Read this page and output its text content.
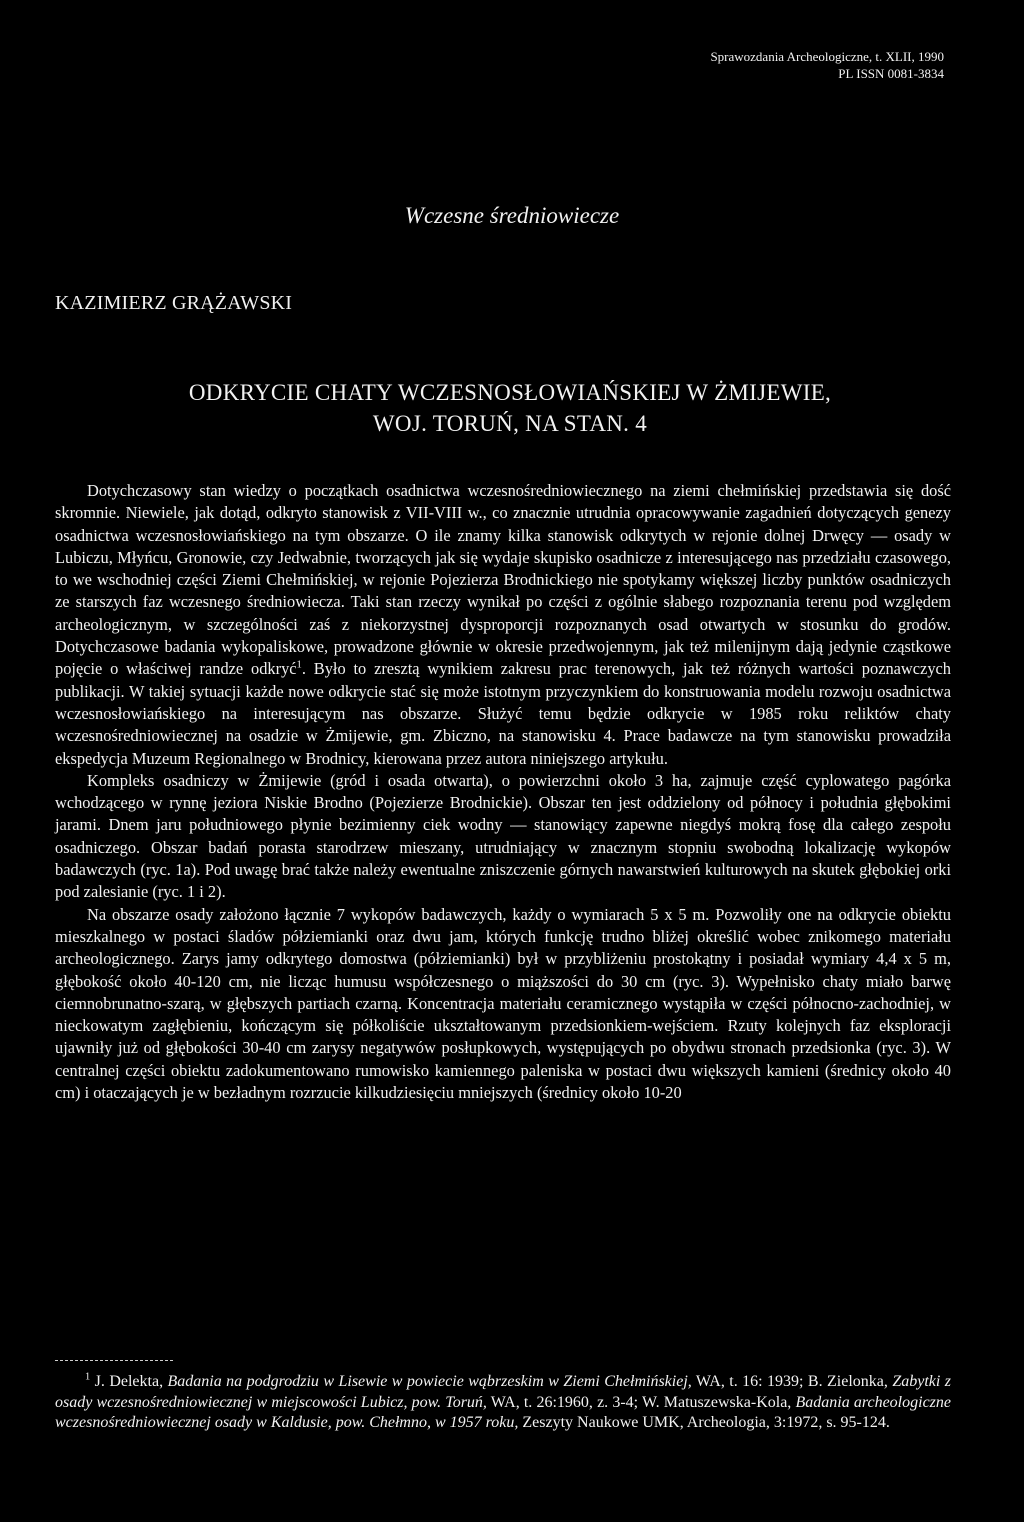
Sprawozdania Archeologiczne, t. XLII, 1990
PL ISSN 0081-3834
Wczesne średniowiecze
KAZIMIERZ GRĄŻAWSKI
ODKRYCIE CHATY WCZESNOSŁOWIAŃSKIEJ W ŻMIJEWIE,
WOJ. TORUŃ, NA STAN. 4

Dotychczasowy stan wiedzy o początkach osadnictwa wczesnośredniowiecznego na ziemi chełmińskiej przedstawia się dość skromnie. Niewiele, jak dotąd, odkryto stanowisk z VII-VIII w., co znacznie utrudnia opracowywanie zagadnień dotyczących genezy osadnictwa wczesnosłowiańskiego na tym obszarze. O ile znamy kilka stanowisk odkrytych w rejonie dolnej Drwęcy — osady w Lubiczu, Młyńcu, Gronowie, czy Jedwabnie, tworzących jak się wydaje skupisko osadnicze z interesującego nas przedziału czasowego, to we wschodniej części Ziemi Chełmińskiej, w rejonie Pojezierza Brodnickiego nie spotykamy większej liczby punktów osadniczych ze starszych faz wczesnego średniowiecza. Taki stan rzeczy wynikał po części z ogólnie słabego rozpoznania terenu pod względem archeologicznym, w szczególności zaś z niekorzystnej dysproporcji rozpoznanych osad otwartych w stosunku do grodów. Dotychczasowe badania wykopaliskowe, prowadzone głównie w okresie przedwojennym, jak też milenijnym dają jedynie cząstkowe pojęcie o właściwej randze odkryć$^1$. Było to zresztą wynikiem zakresu prac terenowych, jak też różnych wartości poznawczych publikacji. W takiej sytuacji każde nowe odkrycie stać się może istotnym przyczynkiem do konstruowania modelu rozwoju osadnictwa wczesnosłowiańskiego na interesującym nas obszarze. Służyć temu będzie odkrycie w 1985 roku reliktów chaty wczesnośredniowiecznej na osadzie w Żmijewie, gm. Zbiczno, na stanowisku 4. Prace badawcze na tym stanowisku prowadziła ekspedycja Muzeum Regionalnego w Brodnicy, kierowana przez autora niniejszego artykułu.

Kompleks osadniczy w Żmijewie (gród i osada otwarta), o powierzchni około 3 ha, zajmuje część cyplowatego pagórka wchodzącego w rynnę jeziora Niskie Brodno (Pojezierze Brodnickie). Obszar ten jest oddzielony od północy i południa głębokimi jarami. Dnem jaru południowego płynie bezimienny ciek wodny — stanowiący zapewne niegdyś mokrą fosę dla całego zespołu osadniczego. Obszar badań porasta starodrzew mieszany, utrudniający w znacznym stopniu swobodną lokalizację wykopów badawczych (ryc. 1a). Pod uwagę brać także należy ewentualne zniszczenie górnych nawarstwień kulturowych na skutek głębokiej orki pod zalesianie (ryc. 1 i 2).

Na obszarze osady założono łącznie 7 wykopów badawczych, każdy o wymiarach 5 x 5 m. Pozwoliły one na odkrycie obiektu mieszkalnego w postaci śladów półziemianki oraz dwu jam, których funkcję trudno bliżej określić wobec znikomego materiału archeologicznego. Zarys jamy odkrytego domostwa (półziemianki) był w przybliżeniu prostokątny i posiadał wymiary 4,4 x 5 m, głębokość około 40-120 cm, nie licząc humusu współczesnego o miąższości do 30 cm (ryc. 3). Wypełnisko chaty miało barwę ciemnobrunatno-szarą, w głębszych partiach czarną. Koncentracja materiału ceramicznego wystąpiła w części północno-zachodniej, w nieckowatym zagłębieniu, kończącym się półkoliście ukształtowanym przedsionkiem-wejściem. Rzuty kolejnych faz eksploracji ujawniły już od głębokości 30-40 cm zarysy negatywów posłupkowych, występujących po obydwu stronach przedsionka (ryc. 3). W centralnej części obiektu zadokumentowano rumowisko kamiennego paleniska w postaci dwu większych kamieni (średnicy około 40 cm) i otaczających je w bezładnym rozrzucie kilkudziesięciu mniejszych (średnicy około 10-20

$^1$ J. Delekta, Badania na podgrodziu w Lisewie w powiecie wąbrzeskim w Ziemi Chełmińskiej, WA, t. 16: 1939; B. Zielonka, Zabytki z osady wczesnośredniowiecznej w miejscowości Lubicz, pow. Toruń, WA, t. 26:1960, z. 3-4; W. Matuszewska-Kola, Badania archeologiczne wczesnośredniowiecznej osady w Kaldusie, pow. Chełmno, w 1957 roku, Zeszyty Naukowe UMK, Archeologia, 3:1972, s. 95-124.
